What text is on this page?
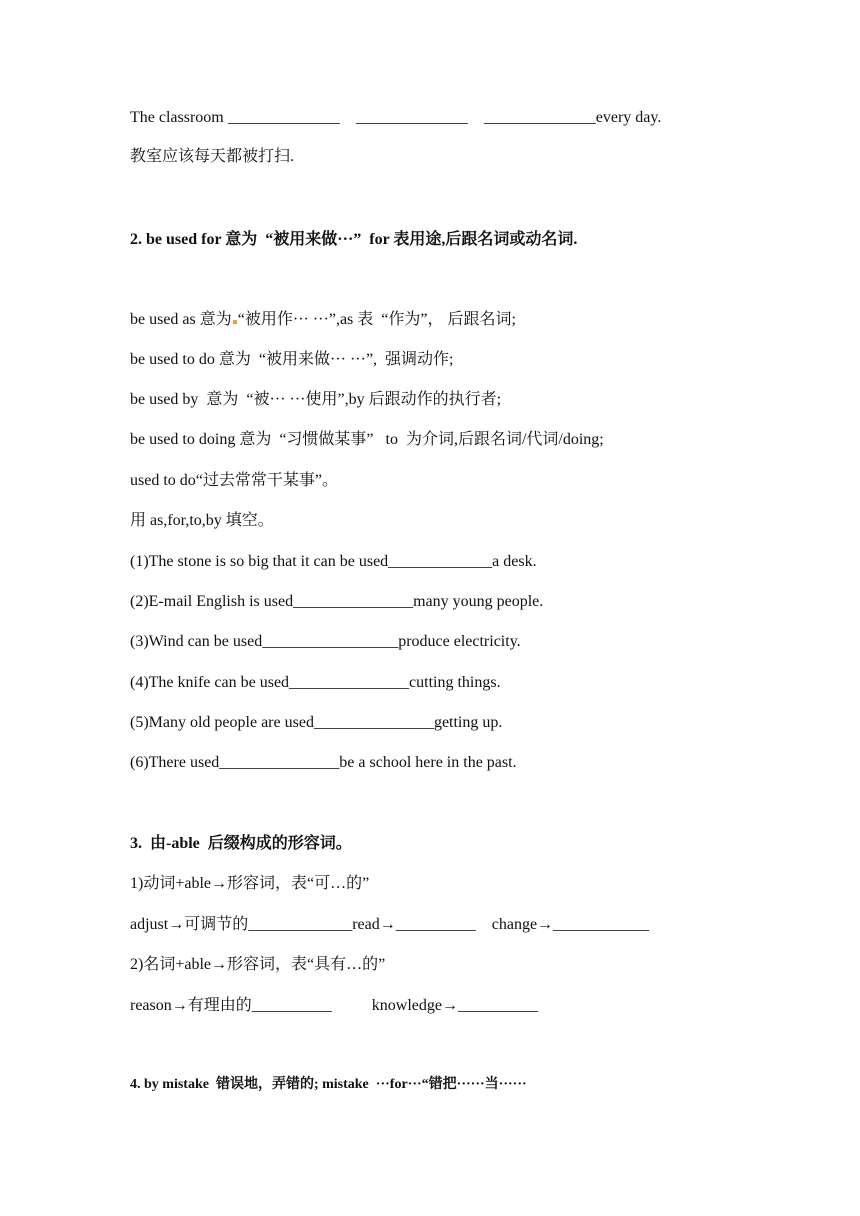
The classroom ______________    ______________    ______________every day.
教室应该每天都被打扫.
2. be used for 意为  “被用来做···”  for 表用途,后跟名词或动名词.
be used as 意为 “被用作··· ···”,as 表  “作为”， 后跟名词;
be used to do 意为  “被用来做··· ···”,  强调动作;
be used by  意为  “被··· ···使用”,by 后跟动作的执行者;
be used to doing 意为  “习惯做某事”   to  为介词,后跟名词/代词/doing;
used to do“过去常常干某事”。
用 as,for,to,by 填空。
(1)The stone is so big that it can be used_____________a desk.
(2)E-mail English is used_______________many young people.
(3)Wind can be used_________________produce electricity.
(4)The knife can be used_______________cutting things.
(5)Many old people are used_______________getting up.
(6)There used_______________be a school here in the past.
3.  由-able  后缀构成的形容词。
1)动词+able→形容词，表“可…的”
adjust→可调节的_____________read→__________    change→____________
2)名词+able→形容词，表“具有…的”
reason→有理由的__________          knowledge→__________
4. by mistake  错误地，弄错的; mistake  ···for···“错把······当······
